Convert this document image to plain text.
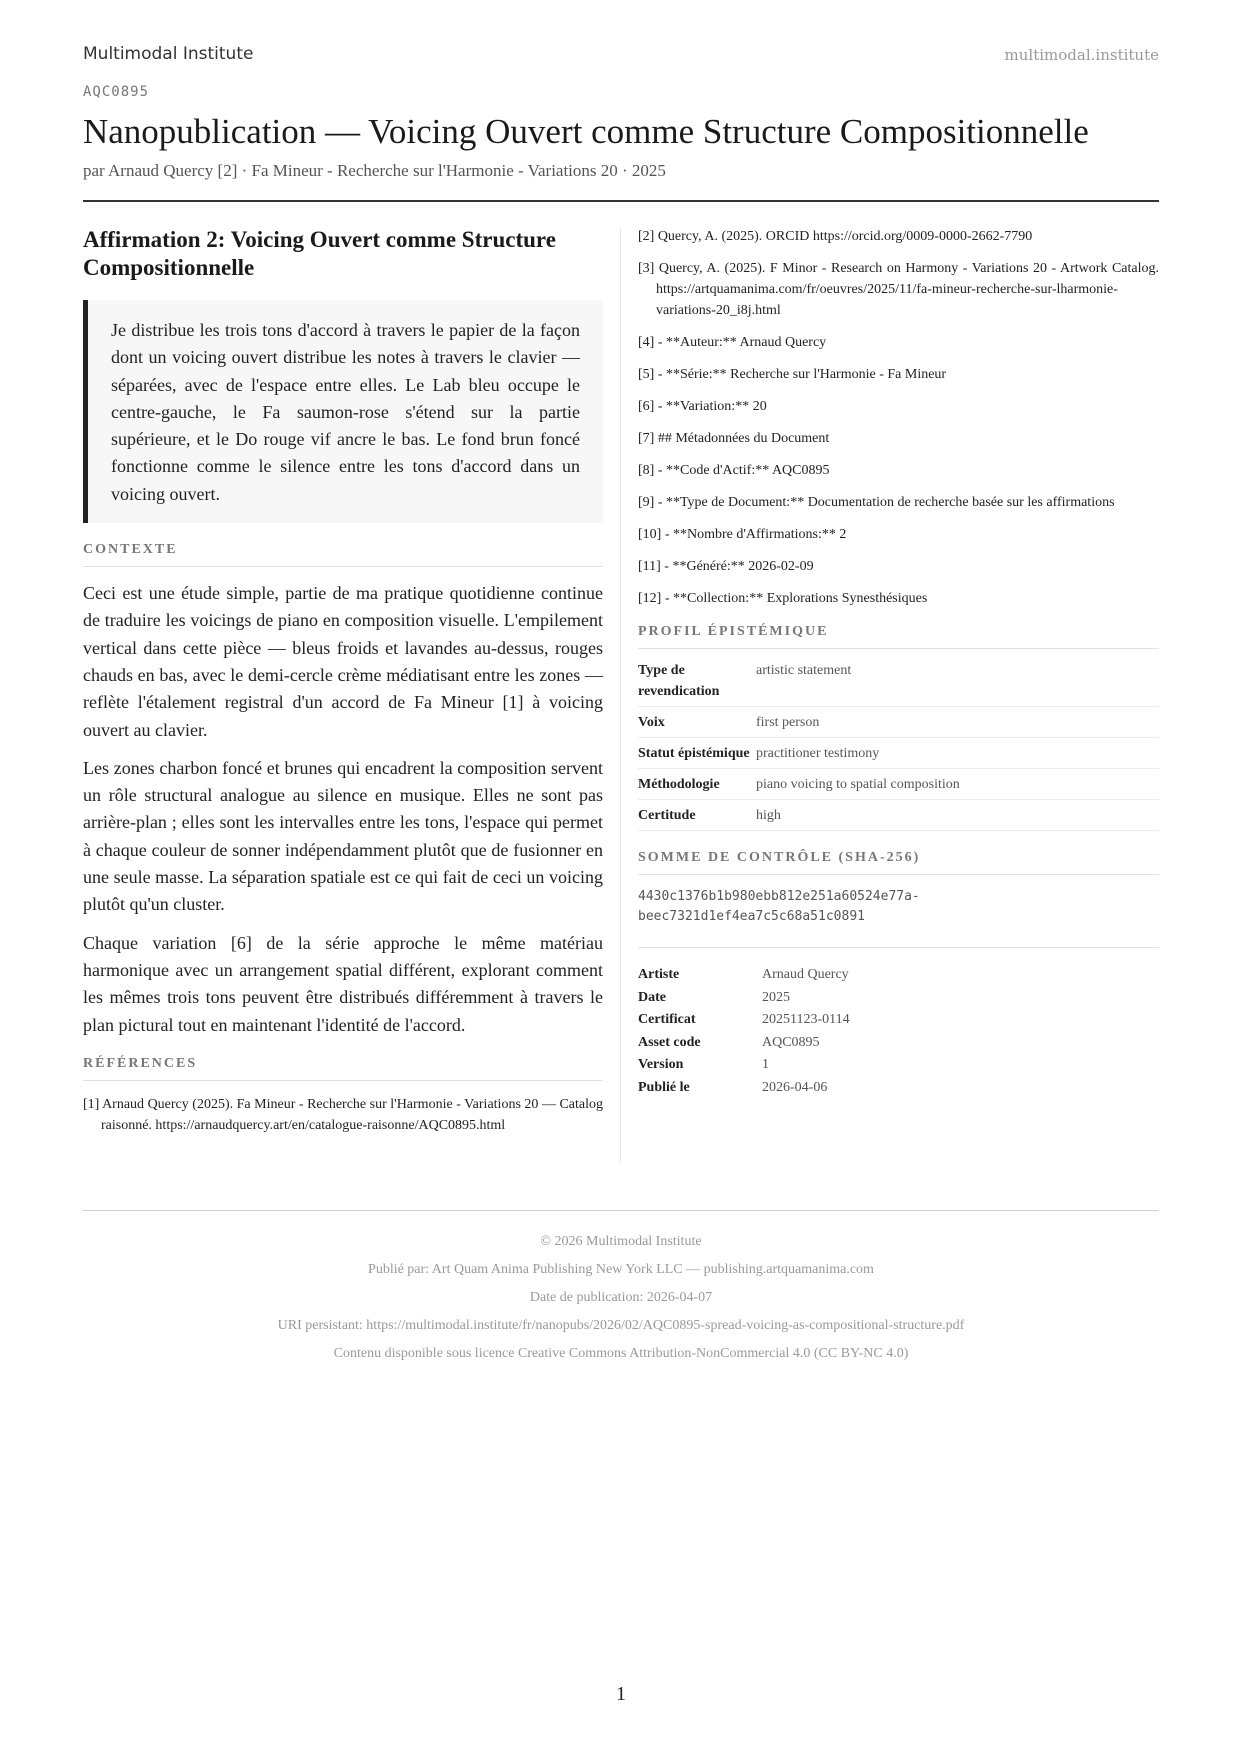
Multimodal Institute	multimodal.institute
AQC0895
Nanopublication — Voicing Ouvert comme Structure Compositionnelle
par Arnaud Quercy [2] · Fa Mineur - Recherche sur l'Harmonie - Variations 20 · 2025
Affirmation 2: Voicing Ouvert comme Structure Compositionnelle
Je distribue les trois tons d'accord à travers le papier de la façon dont un voicing ouvert distribue les notes à travers le clavier — séparées, avec de l'espace entre elles. Le Lab bleu occupe le centre-gauche, le Fa saumon-rose s'étend sur la partie supérieure, et le Do rouge vif ancre le bas. Le fond brun foncé fonctionne comme le silence entre les tons d'accord dans un voicing ouvert.
CONTEXTE

Ceci est une étude simple, partie de ma pratique quotidienne continue de traduire les voicings de piano en composition visuelle. L'empilement vertical dans cette pièce — bleus froids et lavandes au-dessus, rouges chauds en bas, avec le demi-cercle crème médiatisant entre les zones — reflète l'étalement registral d'un accord de Fa Mineur [1] à voicing ouvert au clavier.

Les zones charbon foncé et brunes qui encadrent la composition servent un rôle structural analogue au silence en musique. Elles ne sont pas arrière-plan ; elles sont les intervalles entre les tons, l'espace qui permet à chaque couleur de sonner indépendamment plutôt que de fusionner en une seule masse. La séparation spatiale est ce qui fait de ceci un voicing plutôt qu'un cluster.

Chaque variation [6] de la série approche le même matériau harmonique avec un arrangement spatial différent, explorant comment les mêmes trois tons peuvent être distribués différemment à travers le plan pictural tout en maintenant l'identité de l'accord.

RÉFÉRENCES
[1] Arnaud Quercy (2025). Fa Mineur - Recherche sur l'Harmonie - Variations 20 — Catalog raisonné. https://arnaudquercy.art/en/catalogue-raisonne/AQC0895.html
[2] Quercy, A. (2025). ORCID https://orcid.org/0009-0000-2662-7790
[3] Quercy, A. (2025). F Minor - Research on Harmony - Variations 20 - Artwork Catalog. https://artquamanima.com/fr/oeuvres/2025/11/fa-mineur-recherche-sur-lharmonie-variations-20_i8j.html
[4] - **Auteur:** Arnaud Quercy
[5] - **Série:** Recherche sur l'Harmonie - Fa Mineur
[6] - **Variation:** 20
[7] ## Métadonnées du Document
[8] - **Code d'Actif:** AQC0895
[9] - **Type de Document:** Documentation de recherche basée sur les affirmations
[10] - **Nombre d'Affirmations:** 2
[11] - **Généré:** 2026-02-09
[12] - **Collection:** Explorations Synesthésiques
PROFIL ÉPISTÉMIQUE
Type de revendication	artistic statement
Voix	first person
Statut épistémique	practitioner testimony
Méthodologie	piano voicing to spatial composition
Certitude	high
SOMME DE CONTRÔLE (SHA-256)
4430c1376b1b980ebb812e251a60524e77a-
beec7321d1ef4ea7c5c68a51c0891
Artiste	Arnaud Quercy
Date	2025
Certificat	20251123-0114
Asset code	AQC0895
Version	1
Publié le	2026-04-06
© 2026 Multimodal Institute
Publié par: Art Quam Anima Publishing New York LLC — publishing.artquamanima.com
Date de publication: 2026-04-07
URI persistant: https://multimodal.institute/fr/nanopubs/2026/02/AQC0895-spread-voicing-as-compositional-structure.pdf
Contenu disponible sous licence Creative Commons Attribution-NonCommercial 4.0 (CC BY-NC 4.0)
1
